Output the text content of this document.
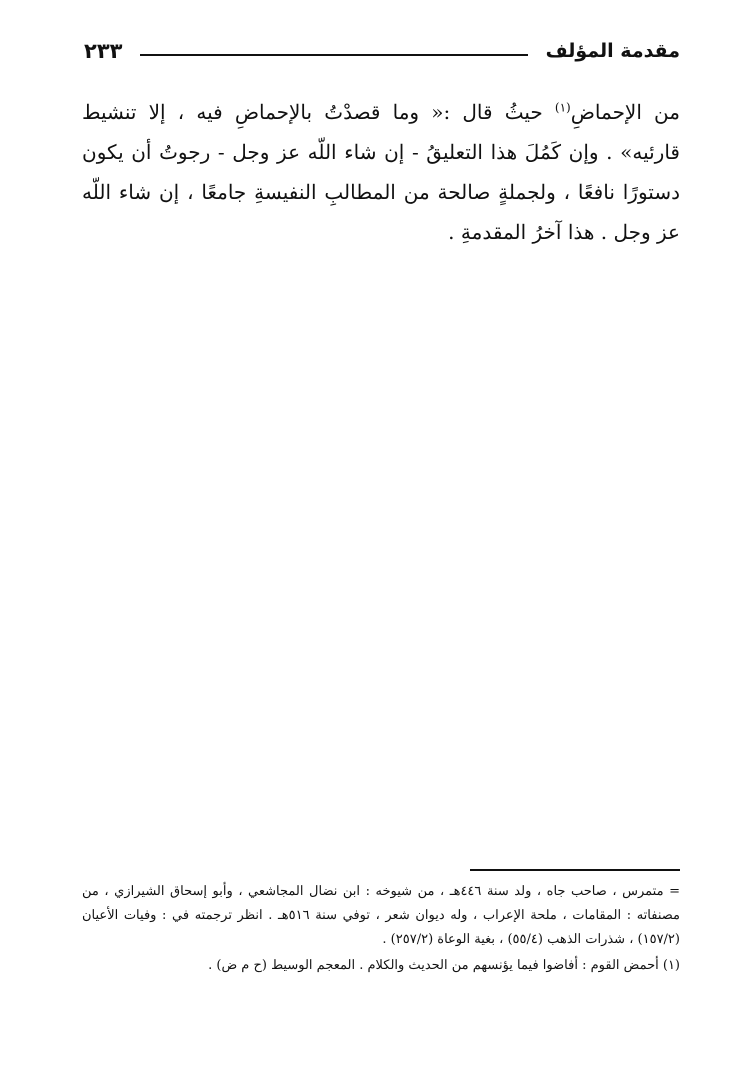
مقدمة المؤلف
٢٣٣
من الإحماضِ$^{(١)}$ حيثُ قال :« وما قصدْتُ بالإحماضِ فيه ، إلا تنشيط قارئيه» . وإن كَمُلَ هذا التعليقُ - إن شاء اللّه عز وجل - رجوتُ أن يكون دستورًا نافعًا ، ولجملةٍ صالحة من المطالبِ النفيسةِ جامعًا ، إن شاء اللّه عز وجل . هذا آخرُ المقدمةِ .

= متمرس ، صاحب جاه ، ولد سنة ٤٤٦هـ ، من شيوخه : ابن نضال المجاشعي ، وأبو إسحاق الشيرازي ، من مصنفاته : المقامات ، ملحة الإعراب ، وله ديوان شعر ، توفي سنة ٥١٦هـ . انظر ترجمته في : وفيات الأعيان (١٥٧/٢) ، شذرات الذهب (٥٥/٤) ، بغية الوعاة (٢٥٧/٢) .

(١) أحمض القوم : أفاضوا فيما يؤنسهم من الحديث والكلام . المعجم الوسيط (ح م ض) .
